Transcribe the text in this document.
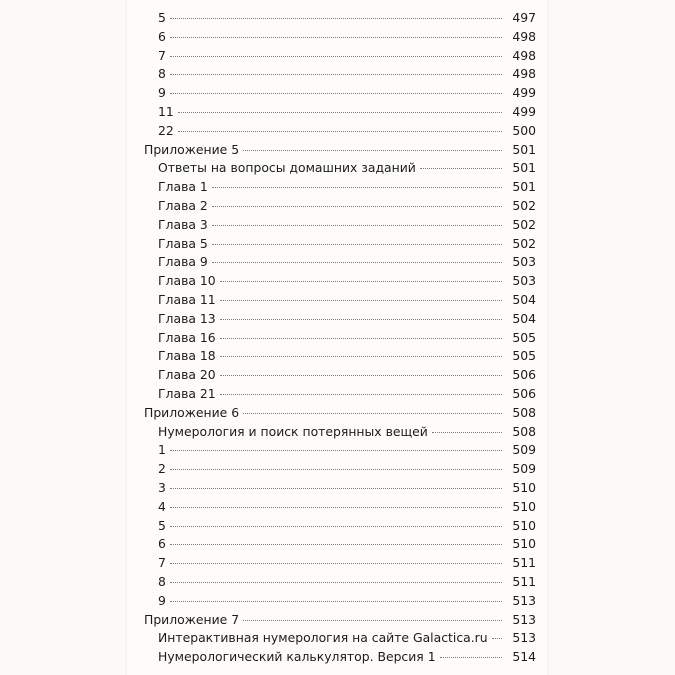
5	497
6	498
7	498
8	498
9	499
11	499
22	500
Приложение 5	501
Ответы на вопросы домашних заданий	501
Глава 1	501
Глава 2	502
Глава 3	502
Глава 5	502
Глава 9	503
Глава 10	503
Глава 11	504
Глава 13	504
Глава 16	505
Глава 18	505
Глава 20	506
Глава 21	506
Приложение 6	508
Нумерология и поиск потерянных вещей	508
1	509
2	509
3	510
4	510
5	510
6	510
7	511
8	511
9	513
Приложение 7	513
Интерактивная нумерология на сайте Galactica.ru	513
Нумерологический калькулятор. Версия 1	514
